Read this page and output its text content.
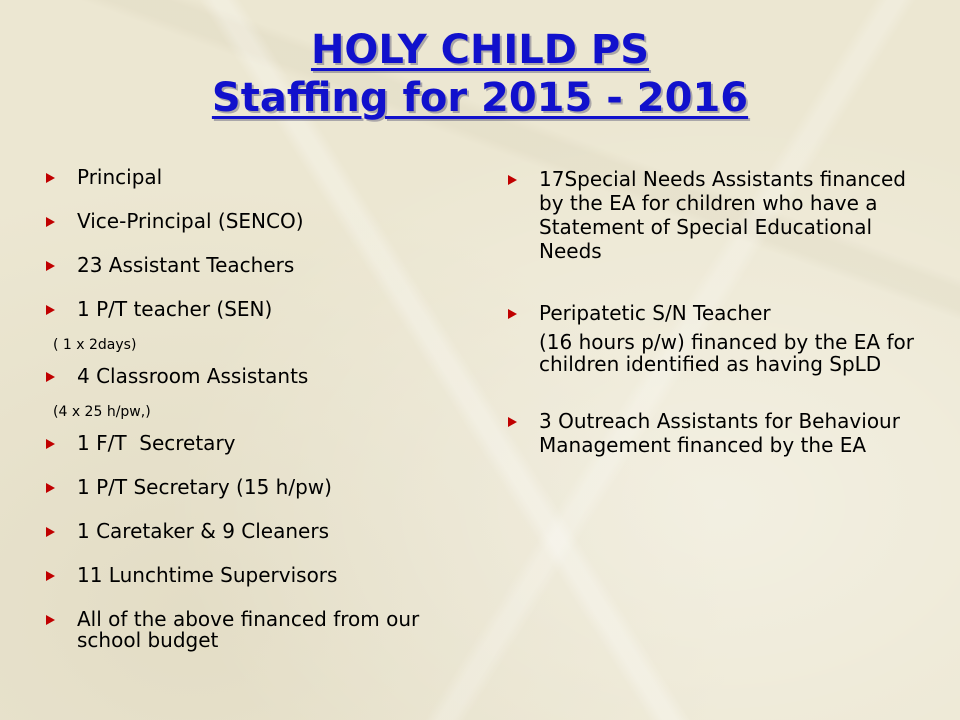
HOLY CHILD PS
Staffing for 2015 - 2016
Principal
Vice-Principal (SENCO)
23 Assistant Teachers
1 P/T teacher (SEN)
( 1 x 2days)
4 Classroom Assistants
(4 x 25 h/pw,)
1 F/T  Secretary
1 P/T Secretary (15 h/pw)
1 Caretaker & 9 Cleaners
11 Lunchtime Supervisors
All of the above financed from our school budget
17Special Needs Assistants financed by the EA for children who have a Statement of Special Educational Needs
Peripatetic S/N Teacher
(16 hours p/w) financed by the EA for children identified as having SpLD
3 Outreach Assistants for Behaviour Management financed by the EA
